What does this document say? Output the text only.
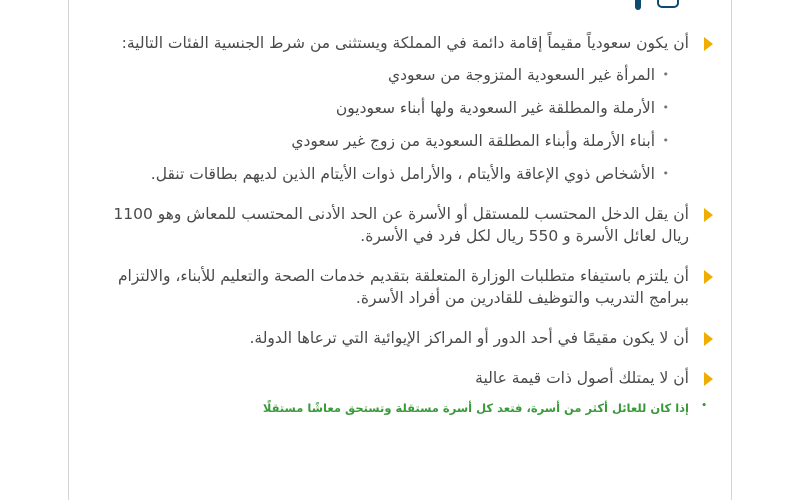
أن يكون سعودياً مقيماً إقامة دائمة في المملكة ويستثنى من شرط الجنسية الفئات التالية:
• المرأة غير السعودية المتزوجة من سعودي
• الأرملة والمطلقة غير السعودية ولها أبناء سعوديون
• أبناء الأرملة وأبناء المطلقة السعودية من زوج غير سعودي
• الأشخاص ذوي الإعاقة والأيتام ، والأرامل ذوات الأيتام الذين لديهم بطاقات تنقل.
أن يقل الدخل المحتسب للمستقل أو الأسرة عن الحد الأدنى المحتسب للمعاش وهو 1100 ريال لعائل الأسرة و 550 ريال لكل فرد في الأسرة.
أن يلتزم باستيفاء متطلبات الوزارة المتعلقة بتقديم خدمات الصحة والتعليم للأبناء، والالتزام ببرامج التدريب والتوظيف للقادرين من أفراد الأسرة.
أن لا يكون مقيمًا في أحد الدور أو المراكز الإيوائية التي ترعاها الدولة.
أن لا يمتلك أصول ذات قيمة عالية
•
إذا كان للعائل أكثر من أسرة، فتعد كل أسرة مستقلة وتستحق معاشًا مستقلًا
